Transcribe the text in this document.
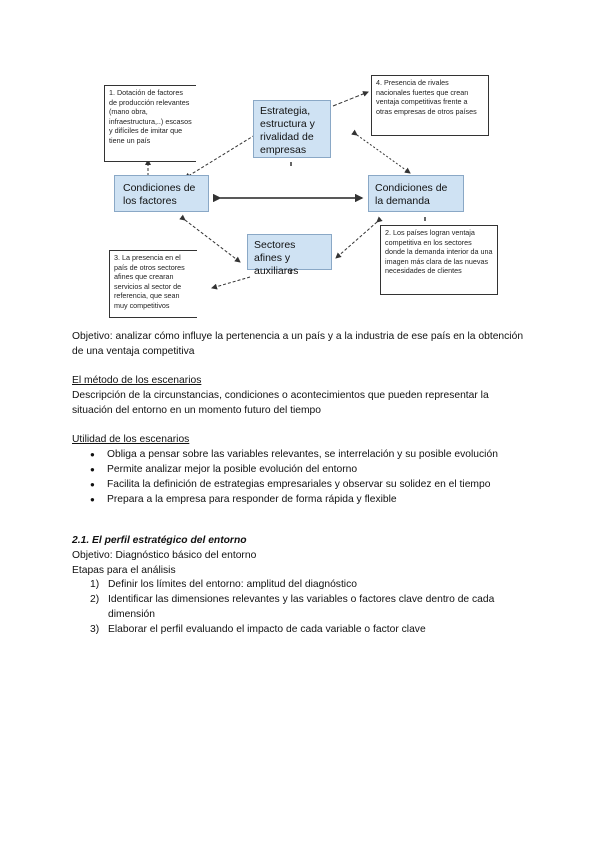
Estrategia, estructura y rivalidad de empresas
Condiciones de los factores
Condiciones de la demanda
Sectores afines y auxiliares
1. Dotación de factores de producción relevantes (mano obra, infraestructura,..) escasos y difíciles de imitar que tiene un país
4. Presencia de rivales nacionales fuertes que crean ventaja competitivas frente a otras empresas de otros países
2. Los países logran ventaja competitiva en los sectores donde la demanda interior da una imagen más clara de las nuevas necesidades de clientes
3. La presencia en el país de otros sectores afines que crearan servicios al sector de referencia, que sean muy competitivos
Objetivo: analizar cómo influye la pertenencia a un país y a la industria de ese país en la obtención de una ventaja competitiva
El método de los escenarios
Descripción de la circunstancias, condiciones o acontecimientos que pueden representar la situación del entorno en un momento futuro del tiempo
Utilidad de los escenarios
● Obliga a pensar sobre las variables relevantes, se interrelación y su posible evolución
● Permite analizar mejor la posible evolución del entorno
● Facilita la definición de estrategias empresariales y observar su solidez en el tiempo
● Prepara a la empresa para responder de forma rápida y flexible
2.1. El perfil estratégico del entorno
Objetivo: Diagnóstico básico del entorno
Etapas para el análisis
1) Definir los límites del entorno: amplitud del diagnóstico
2) Identificar las dimensiones relevantes y las variables o factores clave dentro de cada dimensión
3) Elaborar el perfil evaluando el impacto de cada variable o factor clave
